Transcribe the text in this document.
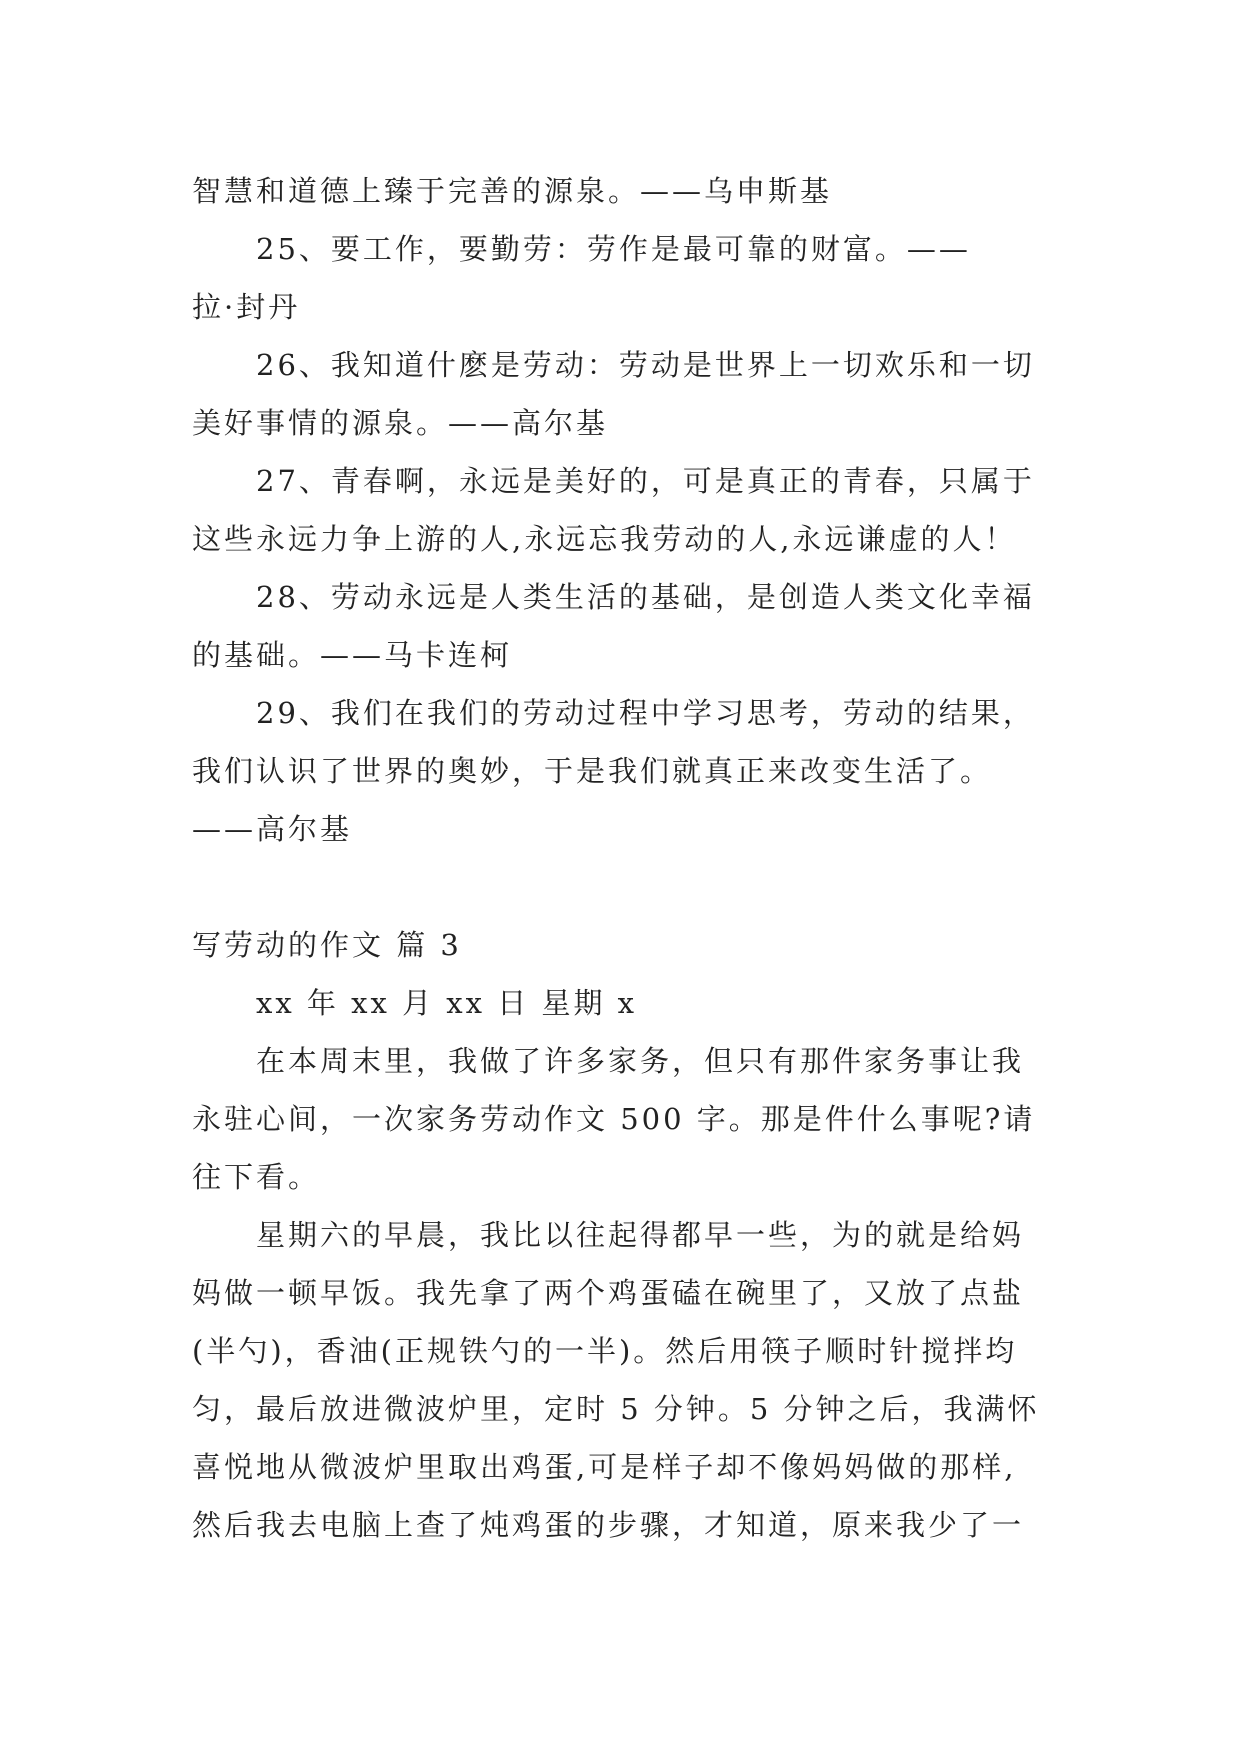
智慧和道德上臻于完善的源泉。——乌申斯基
25、要工作，要勤劳：劳作是最可靠的财富。——
拉·封丹
26、我知道什麽是劳动：劳动是世界上一切欢乐和一切
美好事情的源泉。——高尔基
27、青春啊，永远是美好的，可是真正的青春，只属于
这些永远力争上游的人,永远忘我劳动的人,永远谦虚的人！
28、劳动永远是人类生活的基础，是创造人类文化幸福
的基础。——马卡连柯
29、我们在我们的劳动过程中学习思考，劳动的结果，
我们认识了世界的奥妙，于是我们就真正来改变生活了。
——高尔基
写劳动的作文 篇 3
xx 年 xx 月 xx 日 星期 x
在本周末里，我做了许多家务，但只有那件家务事让我
永驻心间，一次家务劳动作文 500 字。那是件什么事呢?请
往下看。
星期六的早晨，我比以往起得都早一些，为的就是给妈
妈做一顿早饭。我先拿了两个鸡蛋磕在碗里了，又放了点盐
(半勺)，香油(正规铁勺的一半)。然后用筷子顺时针搅拌均
匀，最后放进微波炉里，定时 5 分钟。5 分钟之后，我满怀
喜悦地从微波炉里取出鸡蛋,可是样子却不像妈妈做的那样,
然后我去电脑上查了炖鸡蛋的步骤，才知道，原来我少了一
